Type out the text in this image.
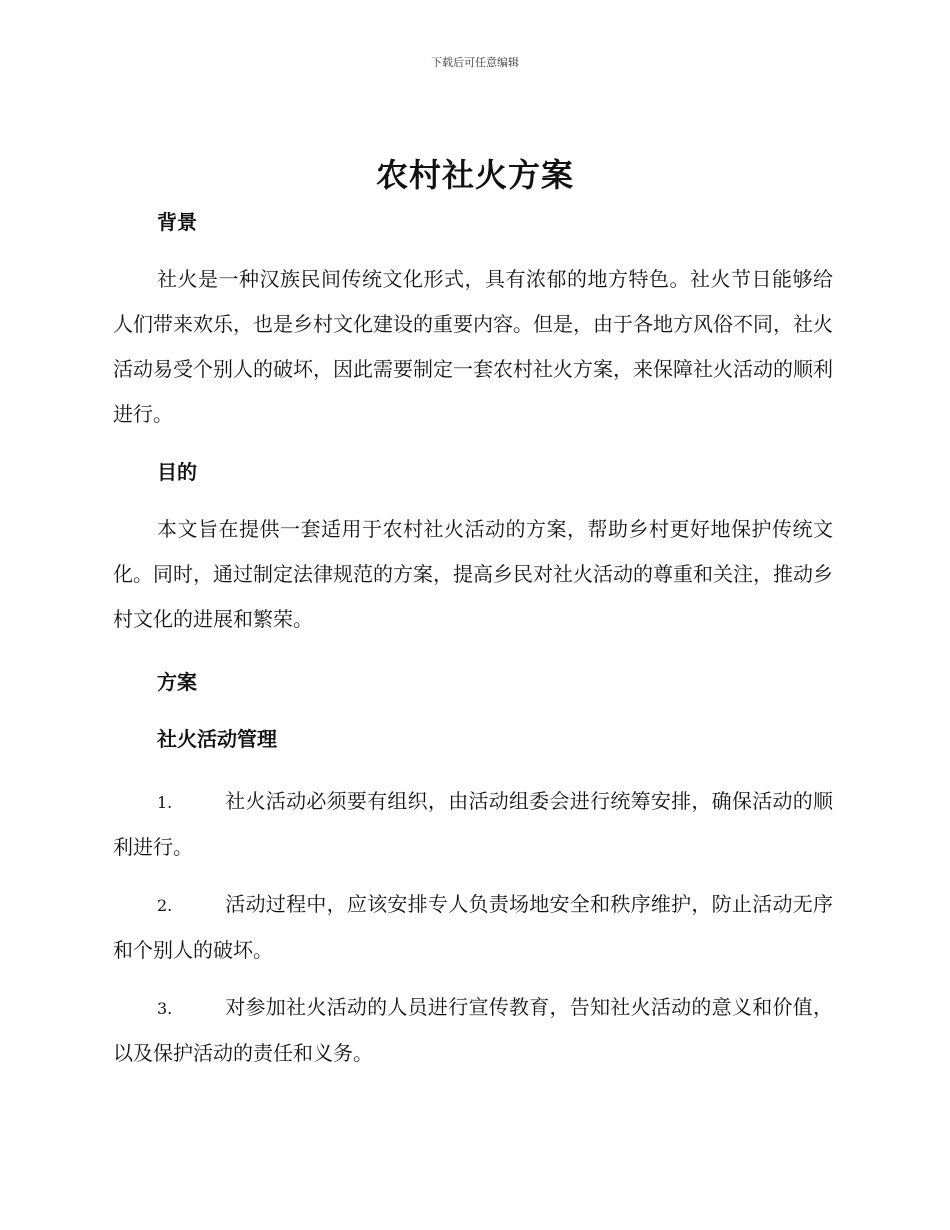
下载后可任意编辑
农村社火方案

背景

社火是一种汉族民间传统文化形式，具有浓郁的地方特色。社火节日能够给人们带来欢乐，也是乡村文化建设的重要内容。但是，由于各地方风俗不同，社火活动易受个别人的破坏，因此需要制定一套农村社火方案，来保障社火活动的顺利进行。

目的

本文旨在提供一套适用于农村社火活动的方案，帮助乡村更好地保护传统文化。同时，通过制定法律规范的方案，提高乡民对社火活动的尊重和关注，推动乡村文化的进展和繁荣。

方案

社火活动管理

1.	社火活动必须要有组织，由活动组委会进行统筹安排，确保活动的顺利进行。

2.	活动过程中，应该安排专人负责场地安全和秩序维护，防止活动无序和个别人的破坏。

3.	对参加社火活动的人员进行宣传教育，告知社火活动的意义和价值，以及保护活动的责任和义务。
